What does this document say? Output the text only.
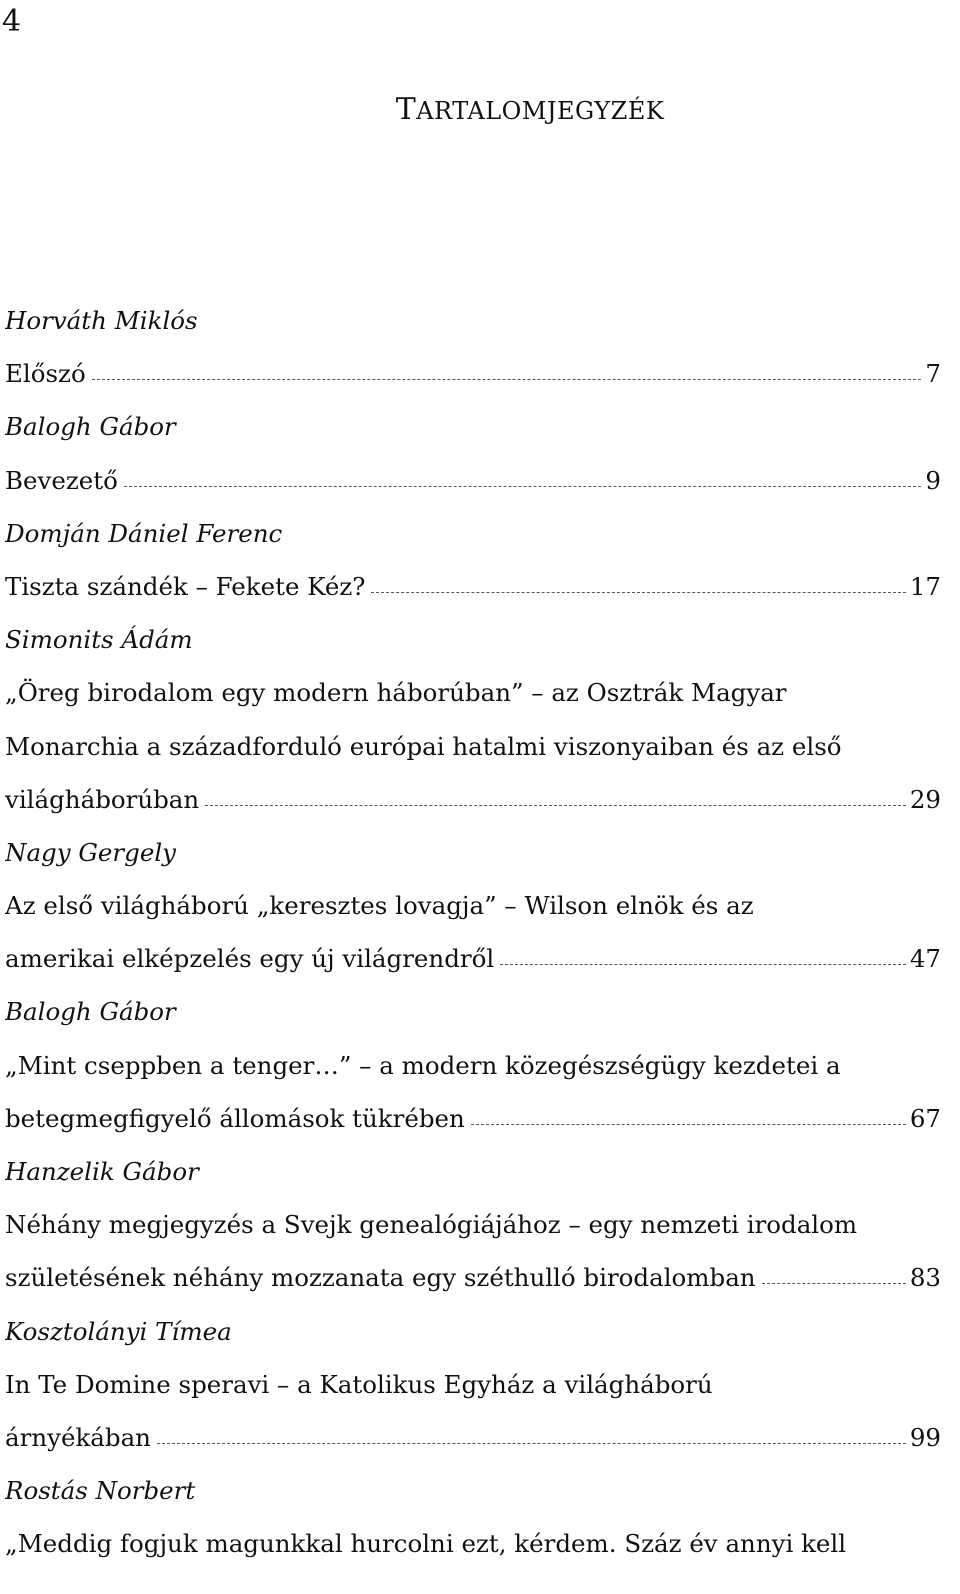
4
TARTALOMJEGYZÉK
Horváth Miklós
Előszó	7
Balogh Gábor
Bevezető	9
Domján Dániel Ferenc
Tiszta szándék – Fekete Kéz?	17
Simonits Ádám
„Öreg birodalom egy modern háborúban” – az Osztrák Magyar
Monarchia a századforduló európai hatalmi viszonyaiban és az első
világháborúban	29
Nagy Gergely
Az első világháború „keresztes lovagja” – Wilson elnök és az
amerikai elképzelés egy új világrendről	47
Balogh Gábor
„Mint cseppben a tenger…” – a modern közegészségügy kezdetei a
betegmegfigyelő állomások tükrében	67
Hanzelik Gábor
Néhány megjegyzés a Svejk genealógiájához – egy nemzeti irodalom
születésének néhány mozzanata egy széthulló birodalomban	83
Kosztolányi Tímea
In Te Domine speravi – a Katolikus Egyház a világháború
árnyékában	99
Rostás Norbert
„Meddig fogjuk magunkkal hurcolni ezt, kérdem. Száz év annyi kell
